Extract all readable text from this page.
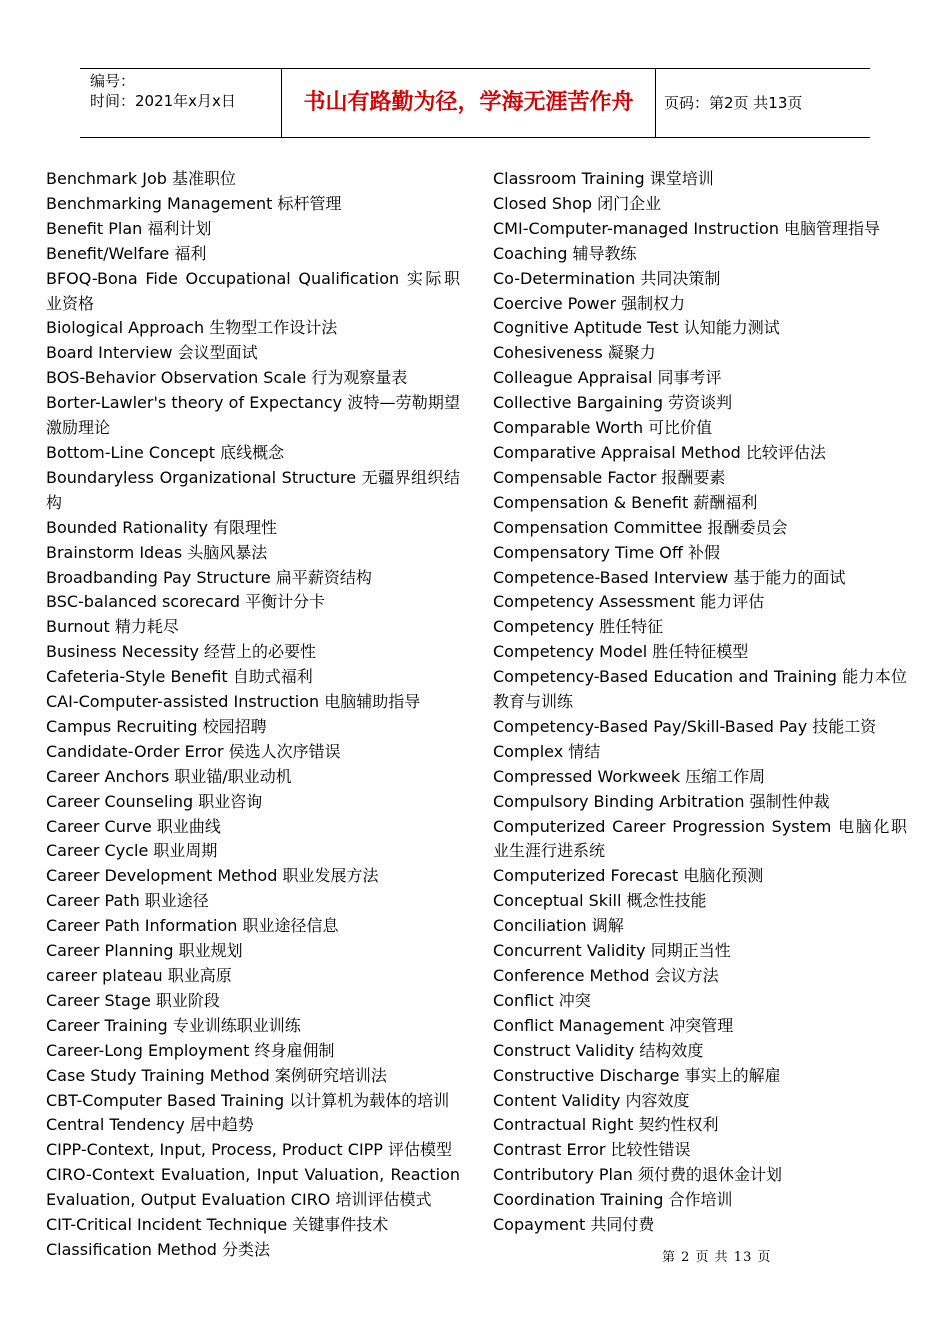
编号：
时间：2021年x月x日	书山有路勤为径，学海无涯苦作舟	页码：第2页 共13页
Benchmark Job 基准职位
Benchmarking Management 标杆管理
Benefit Plan 福利计划
Benefit/Welfare 福利
BFOQ-Bona Fide Occupational Qualification 实际职业资格
Biological Approach 生物型工作设计法
Board Interview 会议型面试
BOS-Behavior Observation Scale 行为观察量表
Borter-Lawler's theory of Expectancy 波特—劳勒期望激励理论
Bottom-Line Concept 底线概念
Boundaryless Organizational Structure 无疆界组织结构
Bounded Rationality 有限理性
Brainstorm Ideas 头脑风暴法
Broadbanding Pay Structure 扁平薪资结构
BSC-balanced scorecard 平衡计分卡
Burnout 精力耗尽
Business Necessity 经营上的必要性
Cafeteria-Style Benefit 自助式福利
CAI-Computer-assisted Instruction 电脑辅助指导
Campus Recruiting 校园招聘
Candidate-Order Error 侯选人次序错误
Career Anchors 职业锚/职业动机
Career Counseling 职业咨询
Career Curve 职业曲线
Career Cycle 职业周期
Career Development Method 职业发展方法
Career Path 职业途径
Career Path Information 职业途径信息
Career Planning 职业规划
career plateau 职业高原
Career Stage 职业阶段
Career Training 专业训练职业训练
Career-Long Employment 终身雇佣制
Case Study Training Method 案例研究培训法
CBT-Computer Based Training 以计算机为载体的培训
Central Tendency 居中趋势
CIPP-Context, Input, Process, Product CIPP 评估模型
CIRO-Context Evaluation, Input Valuation, Reaction Evaluation, Output Evaluation CIRO 培训评估模式
CIT-Critical Incident Technique 关键事件技术
Classification Method 分类法
Classroom Training 课堂培训
Closed Shop 闭门企业
CMI-Computer-managed Instruction 电脑管理指导
Coaching 辅导教练
Co-Determination 共同决策制
Coercive Power 强制权力
Cognitive Aptitude Test 认知能力测试
Cohesiveness 凝聚力
Colleague Appraisal 同事考评
Collective Bargaining 劳资谈判
Comparable Worth 可比价值
Comparative Appraisal Method 比较评估法
Compensable Factor 报酬要素
Compensation & Benefit 薪酬福利
Compensation Committee 报酬委员会
Compensatory Time Off 补假
Competence-Based Interview 基于能力的面试
Competency Assessment 能力评估
Competency 胜任特征
Competency Model 胜任特征模型
Competency-Based Education and Training 能力本位教育与训练
Competency-Based Pay/Skill-Based Pay 技能工资
Complex 情结
Compressed Workweek 压缩工作周
Compulsory Binding Arbitration 强制性仲裁
Computerized Career Progression System 电脑化职业生涯行进系统
Computerized Forecast 电脑化预测
Conceptual Skill 概念性技能
Conciliation 调解
Concurrent Validity 同期正当性
Conference Method 会议方法
Conflict 冲突
Conflict Management 冲突管理
Construct Validity 结构效度
Constructive Discharge 事实上的解雇
Content Validity 内容效度
Contractual Right 契约性权利
Contrast Error 比较性错误
Contributory Plan 须付费的退休金计划
Coordination Training 合作培训
Copayment 共同付费
第 2 页 共 13 页
